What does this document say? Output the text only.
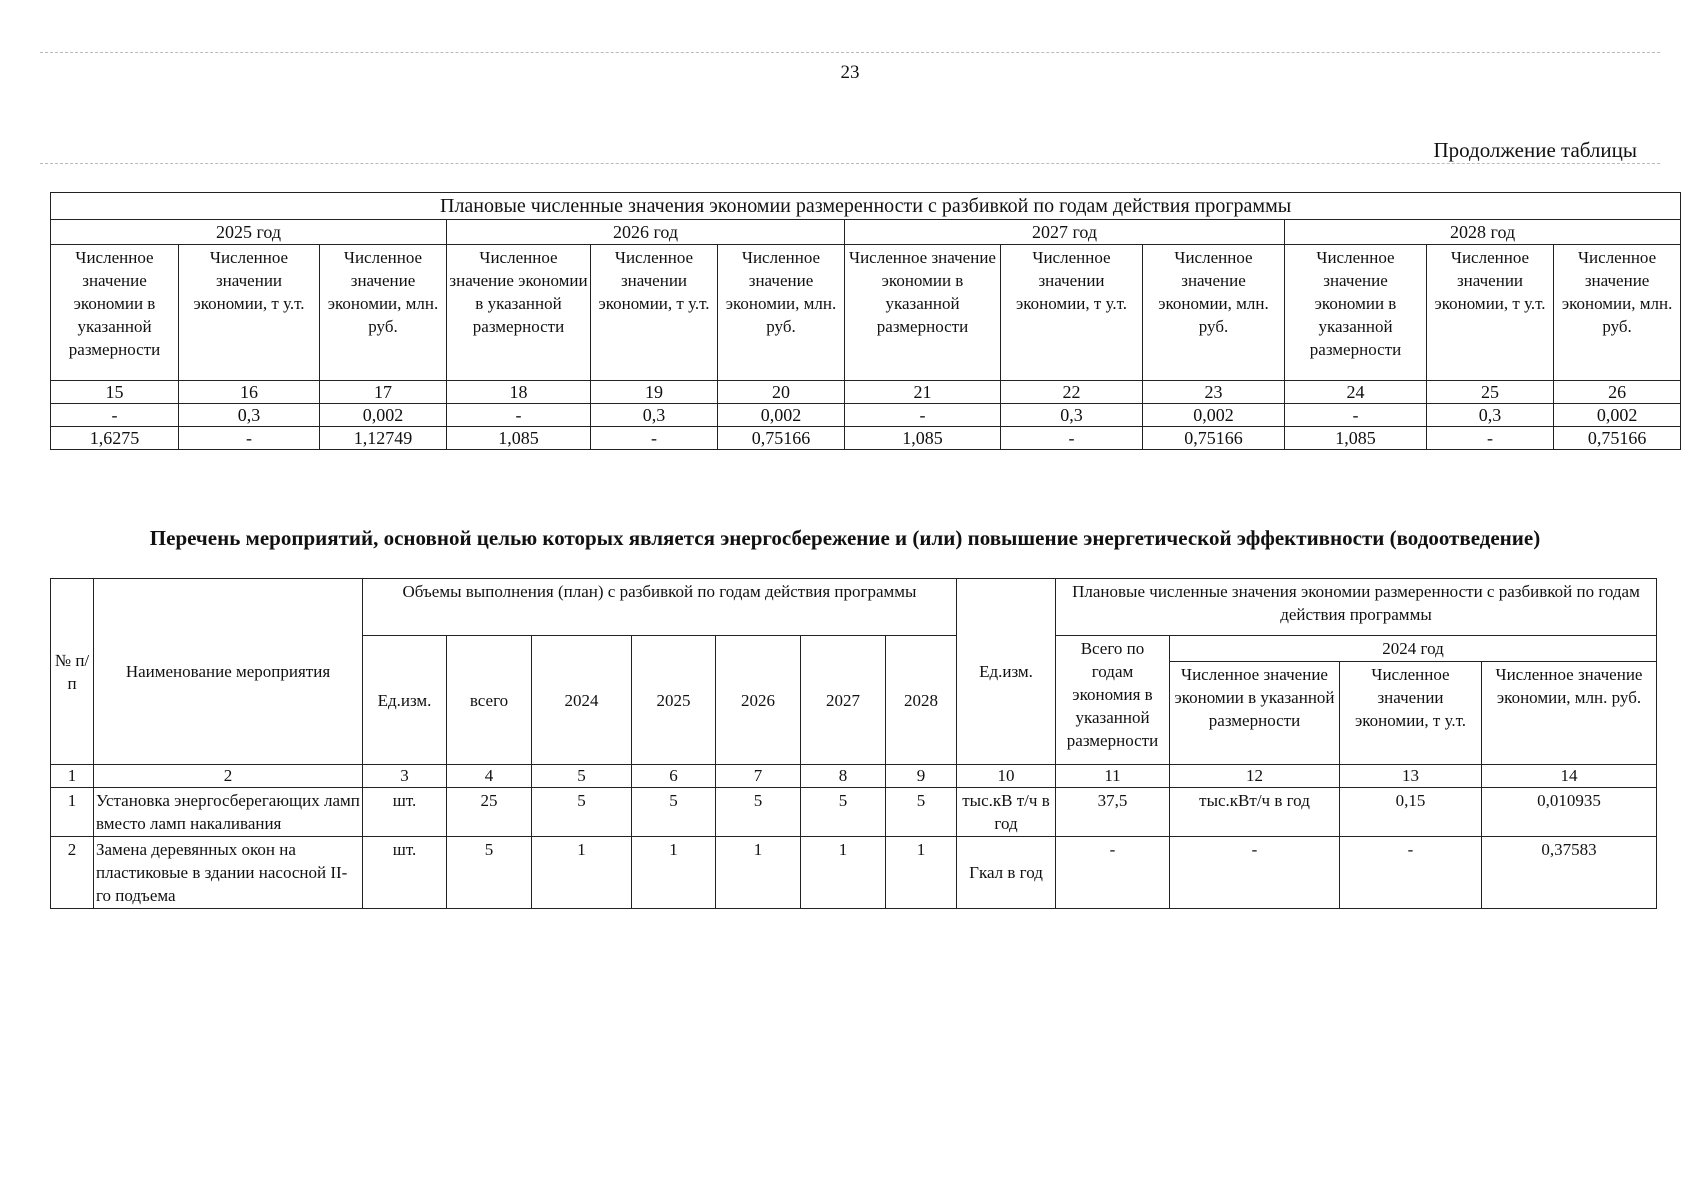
23
Продолжение таблицы
Плановые численные значения экономии размеренности с разбивкой по годам действия программы											
2025 год			2026 год			2027 год			2028 год		
Численное значение экономии в указанной размерности	Численное значении экономии, т у.т.	Численное значение экономии, млн. руб.	Численное значение экономии в указанной размерности	Численное значении экономии, т у.т.	Численное значение экономии, млн. руб.	Численное значение экономии в указанной размерности	Численное значении экономии, т у.т.	Численное значение экономии, млн. руб.	Численное значение экономии в указанной размерности	Численное значении экономии, т у.т.	Численное значение экономии, млн. руб.
15	16	17	18	19	20	21	22	23	24	25	26
-	0,3	0,002	-	0,3	0,002	-	0,3	0,002	-	0,3	0,002
1,6275	-	1,12749	1,085	-	0,75166	1,085	-	0,75166	1,085	-	0,75166
Перечень мероприятий, основной целью которых является энергосбережение и (или) повышение энергетической эффективности (водоотведение)
№ п/п	Наименование мероприятия	Объемы выполнения (план) с разбивкой по годам действия программы							Ед.изм.	Плановые численные значения экономии размеренности с разбивкой по годам действия программы			
		Ед.изм.	всего	2024	2025	2026	2027	2028		Всего по годам экономия в указанной размерности	2024 год		
											Численное значение экономии в указанной размерности	Численное значении экономии, т у.т.	Численное значение экономии, млн. руб.
1	2	3	4	5	6	7	8	9	10	11	12	13	14
1	Установка энергосберегающих ламп вместо ламп накаливания	шт.	25	5	5	5	5	5	тыс.кВ т/ч в год	37,5	тыс.кВт/ч в год	0,15	0,010935
2	Замена деревянных окон на пластиковые в здании насосной II-го подъема	шт.	5	1	1	1	1	1	Гкал в год	-	-	-	0,37583
